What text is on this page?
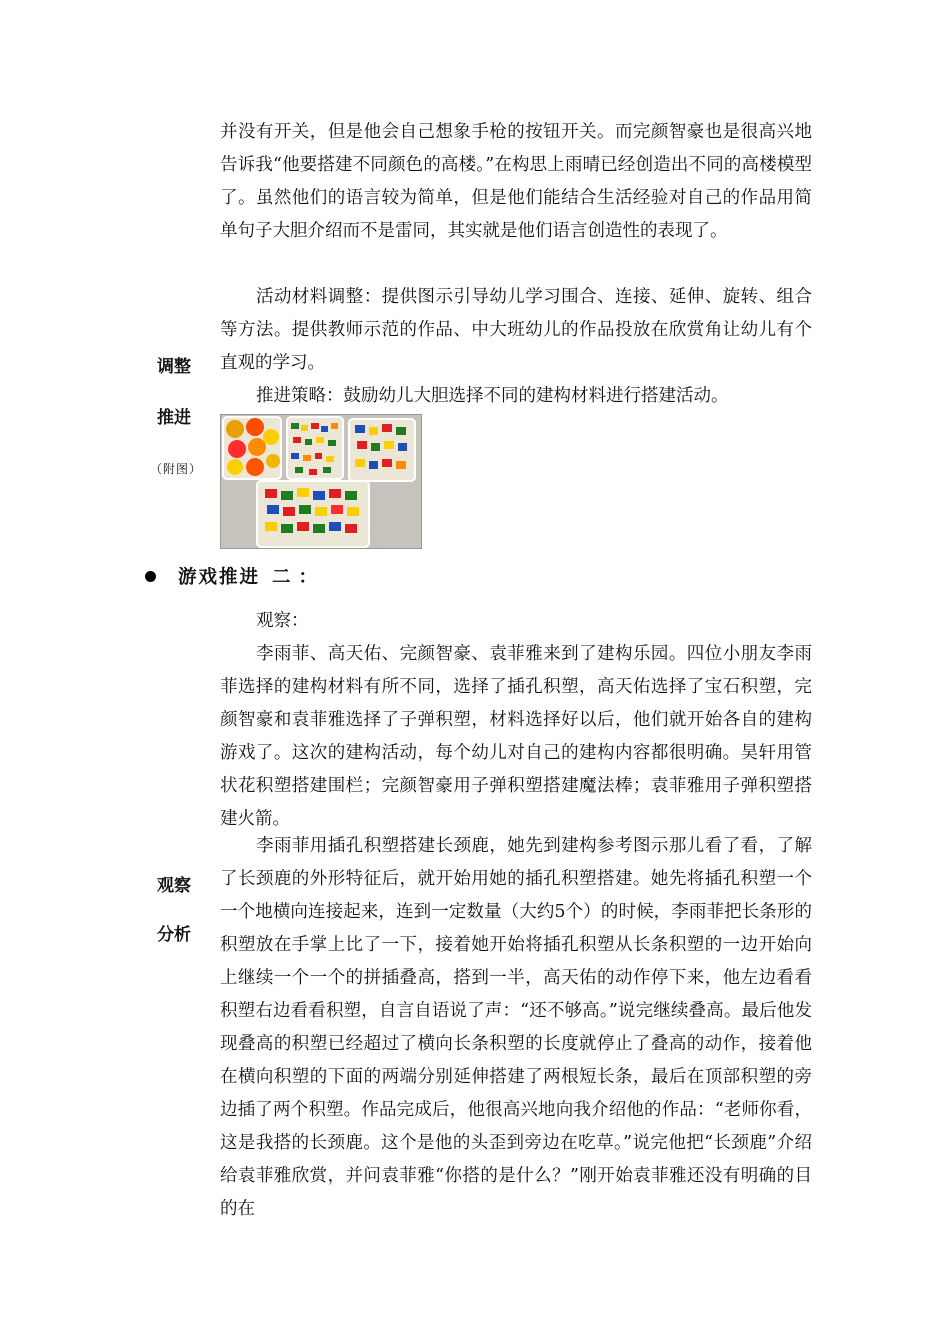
并没有开关，但是他会自己想象手枪的按钮开关。而完颜智豪也是很高兴地告诉我“他要搭建不同颜色的高楼。”在构思上雨晴已经创造出不同的高楼模型了。虽然他们的语言较为简单，但是他们能结合生活经验对自己的作品用简单句子大胆介绍而不是雷同，其实就是他们语言创造性的表现了。

活动材料调整：提供图示引导幼儿学习围合、连接、延伸、旋转、组合等方法。提供教师示范的作品、中大班幼儿的作品投放在欣赏角让幼儿有个直观的学习。

推进策略：鼓励幼儿大胆选择不同的建构材料进行搭建活动。

调整
推进
（附图）
游戏推进 二 ：

观察：

李雨菲、高天佑、完颜智豪、袁菲雅来到了建构乐园。四位小朋友李雨菲选择的建构材料有所不同，选择了插孔积塑，高天佑选择了宝石积塑，完颜智豪和袁菲雅选择了子弹积塑，材料选择好以后，他们就开始各自的建构游戏了。这次的建构活动，每个幼儿对自己的建构内容都很明确。昊轩用管状花积塑搭建围栏；完颜智豪用子弹积塑搭建魔法棒；袁菲雅用子弹积塑搭建火箭。

李雨菲用插孔积塑搭建长颈鹿，她先到建构参考图示那儿看了看，了解了长颈鹿的外形特征后，就开始用她的插孔积塑搭建。她先将插孔积塑一个一个地横向连接起来，连到一定数量（大约5个）的时候，李雨菲把长条形的积塑放在手掌上比了一下，接着她开始将插孔积塑从长条积塑的一边开始向上继续一个一个的拼插叠高，搭到一半，高天佑的动作停下来，他左边看看积塑右边看看积塑，自言自语说了声：“还不够高。”说完继续叠高。最后他发现叠高的积塑已经超过了横向长条积塑的长度就停止了叠高的动作，接着他在横向积塑的下面的两端分别延伸搭建了两根短长条，最后在顶部积塑的旁边插了两个积塑。作品完成后，他很高兴地向我介绍他的作品：“老师你看，这是我搭的长颈鹿。这个是他的头歪到旁边在吃草。”说完他把“长颈鹿”介绍给袁菲雅欣赏，并问袁菲雅“你搭的是什么？”刚开始袁菲雅还没有明确的目的在

观察
分析
